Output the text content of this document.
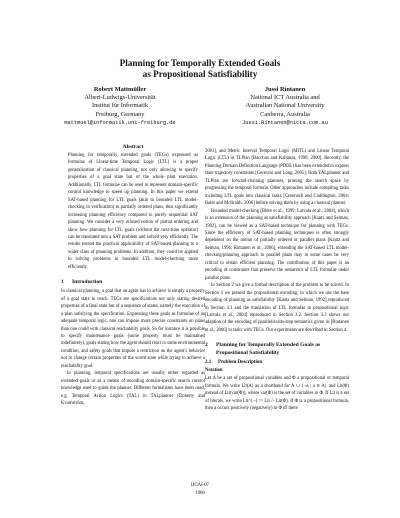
Planning for Temporally Extended Goals
as Propositional Satisfiability
Robert Mattmüller
Albert-Ludwigs-Universität
Institut für Informatik
Freiburg, Germany
mattmuel@informatik.uni-freiburg.de
Jussi Rintanen
National ICT Australia and
Australian National University
Canberra, Australia
Jussi.Rintanen@nicta.com.au
Abstract

Planning for temporally extended goals (TEGs) expressed as formulae of Linear-time Temporal Logic (LTL) is a proper generalization of classical planning, not only allowing to specify properties of a goal state but of the whole plan execution. Additionally, LTL formulae can be used to represent domain-specific control knowledge to speed up planning. In this paper we extend SAT-based planning for LTL goals (akin to bounded LTL model-checking in verification) to partially ordered plans, thus significantly increasing planning efficiency compared to purely sequential SAT planning. We consider a very relaxed notion of partial ordering and show how planning for LTL goals (without the next-time operator) can be translated into a SAT problem and solved very efficiently. The results extend the practical applicability of SAT-based planning to a wider class of planning problems. In addition, they could be applied to solving problems in bounded LTL model-checking more efficiently.

1 Introduction

In classical planning, a goal that an agent has to achieve is simply a property of a goal state to reach. TEGs are specifications not only stating desired properties of a final state but of a sequence of states, namely the execution of a plan satisfying the specification. Expressing these goals as formulae of an adequate temporal logic, one can impose more precise constraints on plans than one could with classical reachability goals. So for instance it is possible to specify maintenance goals (some property must be maintained indefinitely), goals stating how the agent should react to some environmental condition, and safety goals that impose a restriction on the agent’s behavior not to change certain properties of the world state while trying to achieve a reachability goal.

In planning, temporal specifications are usually either regarded as extended goals or as a means of encoding domain-specific search control knowledge used to guide the planner. Different formalisms have been used, e.g. Temporal Action Logics (TAL) in TALplanner [Doherty and Kvarnström,

2001], and Metric Interval Temporal Logic (MITL) and Linear Temporal Logic (LTL) in TLPlan [Bacchus and Kabanza, 1996; 2000]. Recently, the Planning Domain Definition Language (PDDL) has been extended to express state trajectory constraints [Gerevini and Long, 2005]. Both TALplanner and TLPlan are forward-chaining planners, pruning the search space by progressing the temporal formula. Other approaches include compiling tasks including LTL goals into classical tasks [Cresswell and Coddington, 2004; Baier and McIlraith, 2006] before solving them by using a classical planner.

Bounded model-checking [Biere et al., 1999; Latvala et al., 2004], which is an extension of the planning as satisfiability approach [Kautz and Selman, 1992], can be viewed as a SAT-based technique for planning with TEGs. Since the efficiency of SAT-based planning techniques is often strongly dependent on the notion of partially ordered or parallel plans [Kautz and Selman, 1996; Rintanen et al., 2006], extending the SAT-based LTL model-checking/planning approach to parallel plans may in some cases be very critical to obtain efficient planning. The contribution of this paper is an encoding of constraints that preserve the semantics of LTL formulae under parallel plans.

In Section 2 we give a formal description of the problem to be solved. In Section 3 we present the propositional encoding, in which we use the base encoding of planning as satisfiability [Kautz and Selman, 1992] reproduced in Section 3.1 and the translation of LTL formulae to propositional logic [Latvala et al., 2004] reproduced in Section 3.2. Section 3.3 shows our adaption of the encoding of parallel/exists-step semantics given in [Rintanen et al., 2006] to tasks with TEGs. Our experiments are described in Section 4.

2 Planning for Temporally Extended Goals as
Propositional Satisfiability
2.1 Problem Description
Notation

Let A be a set of propositional variables and Φ a propositional or temporal formula. We write Lit(A) as a shorthand for A ∪ {¬a | a ∈ A} and Lit(Φ) instead of Lit(var(Φ)), where var(Φ) is the set of variables in Φ. If Lit is a set of literals, we write Lit^{¬} := Lit ∩ Lit(Φ). If Φ is a propositional formula, then a occurs positively (negatively) in Φ iff there

IJCAI-07
1966
